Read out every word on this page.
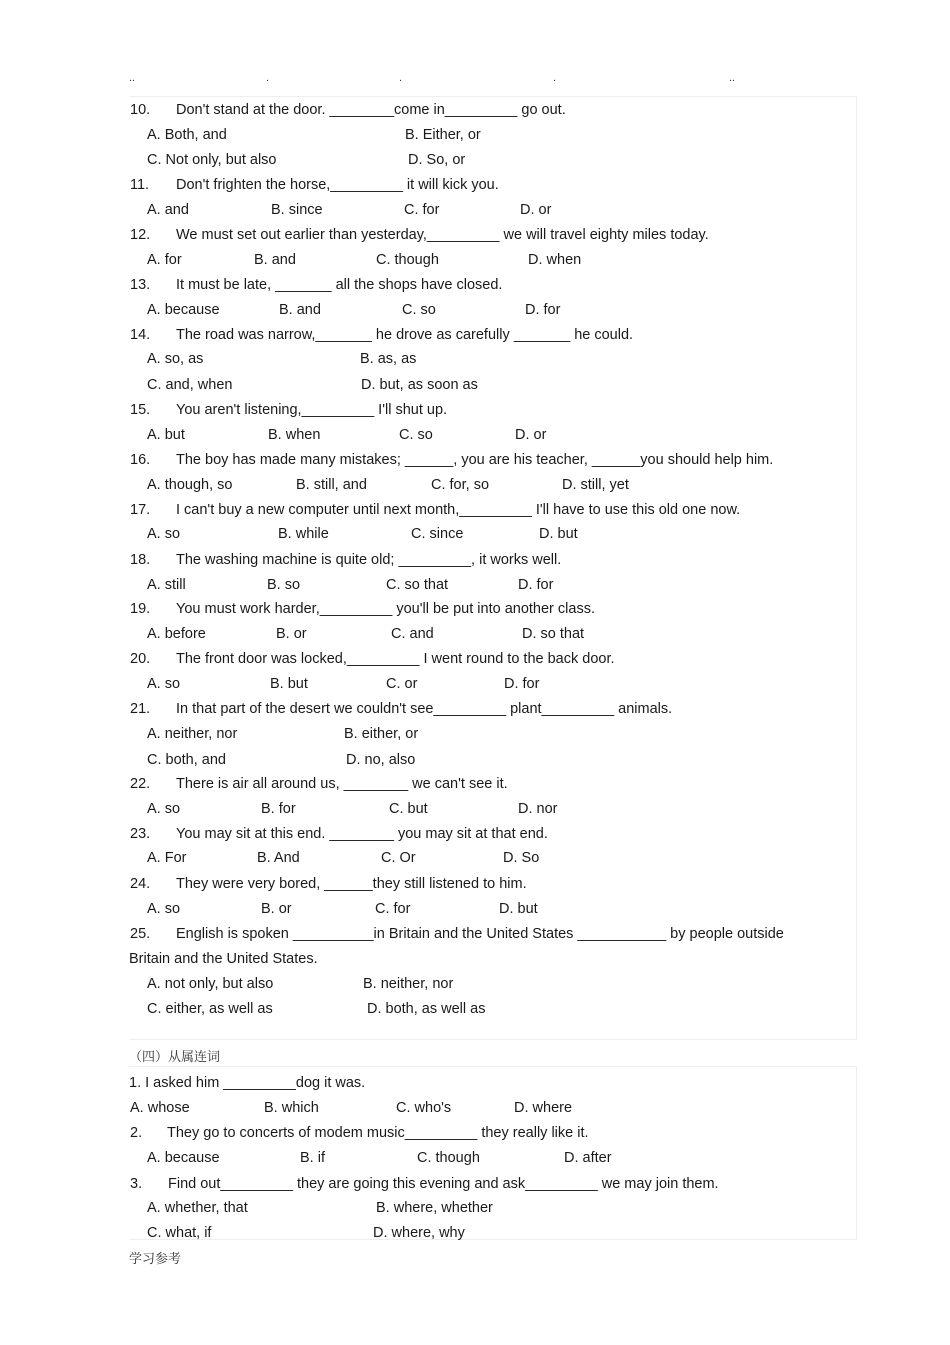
..	.	.	.	..
10. Don't stand at the door. ________come in_________ go out.
A. Both, and	B. Either, or
C. Not only, but also	D. So, or
11. Don't frighten the horse,_________ it will kick you.
A. and	B. since	C. for	D. or
12. We must set out earlier than yesterday,_________ we will travel eighty miles today.
A. for	B. and	C. though	D. when
13. It must be late, _______ all the shops have closed.
A. because	B. and	C. so	D. for
14. The road was narrow,_______ he drove as carefully _______ he could.
A. so, as	B. as, as
C. and, when	D. but, as soon as
15. You aren't listening,_________ I'll shut up.
A. but	B. when	C. so	D. or
16. The boy has made many mistakes; ______, you are his teacher, ______you should help him.
A. though, so	B. still, and	C. for, so	D. still, yet
17. I can't buy a new computer until next month,_________ I'll have to use this old one now.
A. so	B. while	C. since	D. but
18. The washing machine is quite old; _________, it works well.
A. still	B. so	C. so that	D. for
19. You must work harder,_________ you'll be put into another class.
A. before	B. or	C. and	D. so that
20. The front door was locked,_________ I went round to the back door.
A. so	B. but	C. or	D. for
21. In that part of the desert we couldn't see_________ plant_________ animals.
A. neither, nor	B. either, or
C. both, and	D. no, also
22. There is air all around us, ________ we can't see it.
A. so	B. for	C. but	D. nor
23. You may sit at this end. ________ you may sit at that end.
A. For	B. And	C. Or	D. So
24. They were very bored, ______they still listened to him.
A. so	B. or	C. for	D. but
25. English is spoken __________in Britain and the United States ___________ by people outside
Britain and the United States.
A. not only, but also	B. neither, nor
C. either, as well as	D. both, as well as
（四）从属连词
1. I asked him _________dog it was.
A. whose	B. which	C. who's	D. where
2. They go to concerts of modem music_________ they really like it.
A. because	B. if	C. though	D. after
3. Find out_________ they are going this evening and ask_________ we may join them.
A. whether, that	B. where, whether
C. what, if	D. where, why
学习参考
